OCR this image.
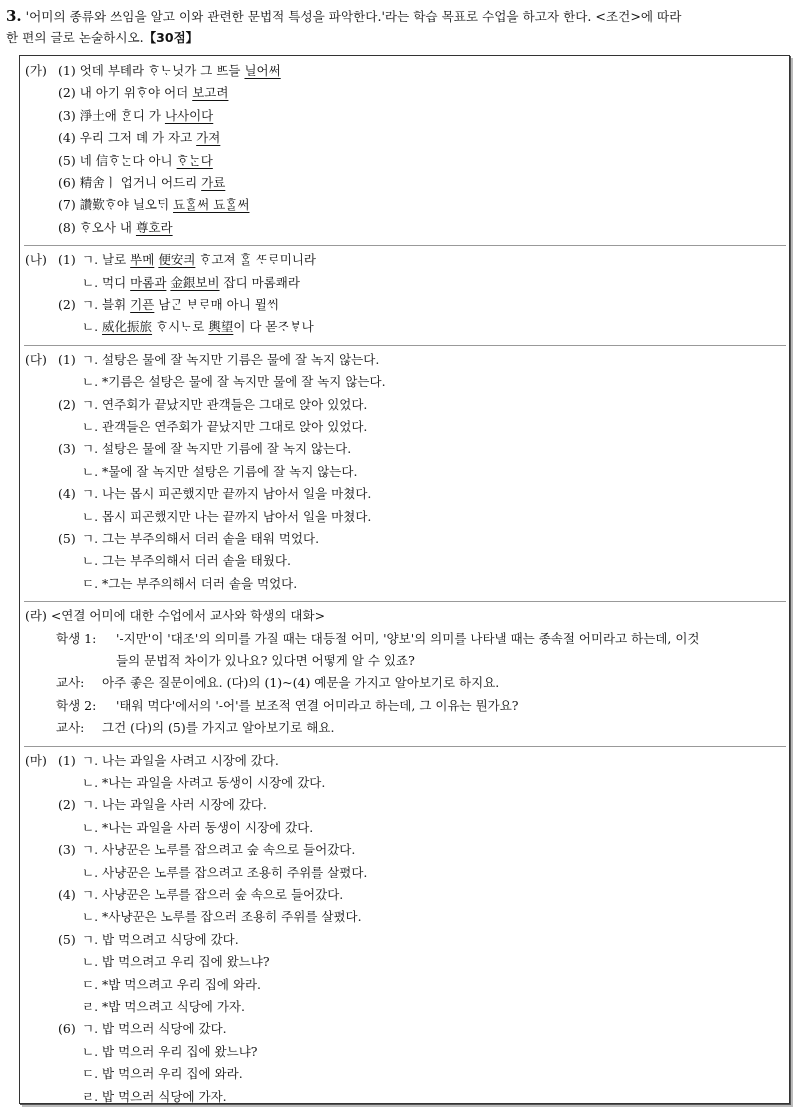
3. '어미의 종류와 쓰임을 알고 이와 관련한 문법적 특성을 파악한다.'라는 학습 목표로 수업을 하고자 한다. <조건>에 따라
한 편의 글로 논술하시오.【30점】
(가) (1) 엇데 부톄라 ᄒᆞᄂᆞ닛가 그 ᄠᅳ들 닐어써
(2) 내 아기 위ᄒᆞ야 어더 보고려
(3) 淨土애 ᄒᆞᆫ디 가 나사이다
(4) 우리 그저 뎨 가 자고 가져
(5) 네 信ᄒᆞᄂᆞᆫ다 아니 ᄒᆞᄂᆞᆫ다
(6) 精舍ㅣ 업거니 어드리 가료
(7) 讚歎ᄒᆞ야 닐오ᄃᆡ 됴ᄒᆞᆯ써 됴ᄒᆞᆯ써
(8) ᄒᆞ오사 내 尊호라
(나) (1) ㄱ. 날로 ᄡᅮ메 便安킈 ᄒᆞ고져 ᄒᆞᆯ ᄯᆞᄅᆞ미니라
ㄴ. 먹디 마롬과 金銀보비 잡디 마롬쾌라
(2) ㄱ. 블휘 기픈 남ᄀᆞᆫ ᄇᆞᄅᆞ매 아니 뮐ᄊᆡ
ㄴ. 威化振旅 ᄒᆞ시ᄂᆞ로 輿望이 다 몯ᄌᆞᄫᆞ나
(다) (1) ㄱ. 설탕은 물에 잘 녹지만 기름은 물에 잘 녹지 않는다.
ㄴ. *기름은 설탕은 물에 잘 녹지만 물에 잘 녹지 않는다.
(2) ㄱ. 연주회가 끝났지만 관객들은 그대로 앉아 있었다.
ㄴ. 관객들은 연주회가 끝났지만 그대로 앉아 있었다.
(3) ㄱ. 설탕은 물에 잘 녹지만 기름에 잘 녹지 않는다.
ㄴ. *물에 잘 녹지만 설탕은 기름에 잘 녹지 않는다.
(4) ㄱ. 나는 몹시 피곤했지만 끝까지 남아서 일을 마쳤다.
ㄴ. 몹시 피곤했지만 나는 끝까지 남아서 일을 마쳤다.
(5) ㄱ. 그는 부주의해서 더러 솥을 태워 먹었다.
ㄴ. 그는 부주의해서 더러 솥을 태웠다.
ㄷ. *그는 부주의해서 더러 솥을 먹었다.
(라) <연결 어미에 대한 수업에서 교사와 학생의 대화>
학생 1: '-지만'이 '대조'의 의미를 가질 때는 대등절 어미, '양보'의 의미를 나타낼 때는 종속절 어미라고 하는데, 이것
들의 문법적 차이가 있나요? 있다면 어떻게 알 수 있죠?
교사: 아주 좋은 질문이에요. (다)의 (1)~(4) 예문을 가지고 알아보기로 하지요.
학생 2: '태워 먹다'에서의 '-어'를 보조적 연결 어미라고 하는데, 그 이유는 뭔가요?
교사: 그건 (다)의 (5)를 가지고 알아보기로 해요.
(마) (1) ㄱ. 나는 과일을 사려고 시장에 갔다.
ㄴ. *나는 과일을 사려고 동생이 시장에 갔다.
(2) ㄱ. 나는 과일을 사러 시장에 갔다.
ㄴ. *나는 과일을 사러 동생이 시장에 갔다.
(3) ㄱ. 사냥꾼은 노루를 잡으려고 숲 속으로 들어갔다.
ㄴ. 사냥꾼은 노루를 잡으려고 조용히 주위를 살폈다.
(4) ㄱ. 사냥꾼은 노루를 잡으러 숲 속으로 들어갔다.
ㄴ. *사냥꾼은 노루를 잡으러 조용히 주위를 살폈다.
(5) ㄱ. 밥 먹으려고 식당에 갔다.
ㄴ. 밥 먹으려고 우리 집에 왔느냐?
ㄷ. *밥 먹으려고 우리 집에 와라.
ㄹ. *밥 먹으려고 식당에 가자.
(6) ㄱ. 밥 먹으러 식당에 갔다.
ㄴ. 밥 먹으러 우리 집에 왔느냐?
ㄷ. 밥 먹으러 우리 집에 와라.
ㄹ. 밥 먹으러 식당에 가자.
